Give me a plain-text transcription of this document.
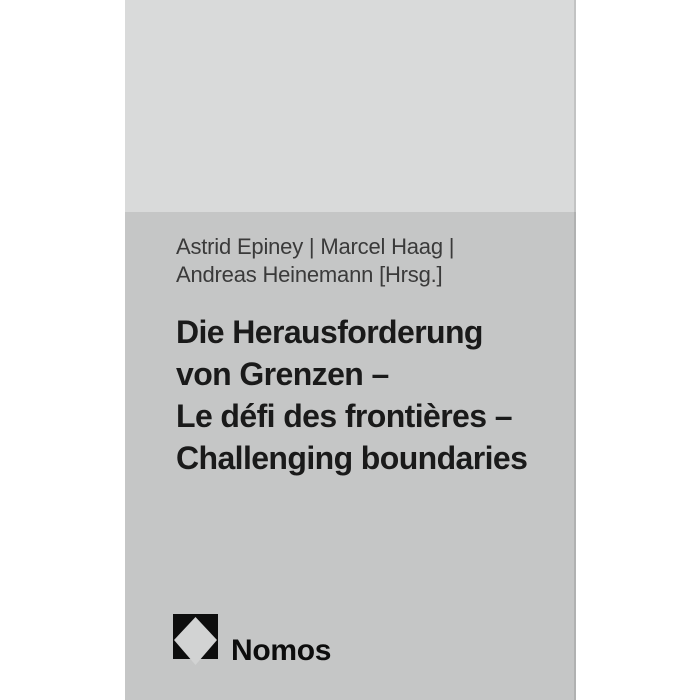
Astrid Epiney | Marcel Haag |
Andreas Heinemann [Hrsg.]
Die Herausforderung
von Grenzen –
Le défi des frontières –
Challenging boundaries
Nomos
